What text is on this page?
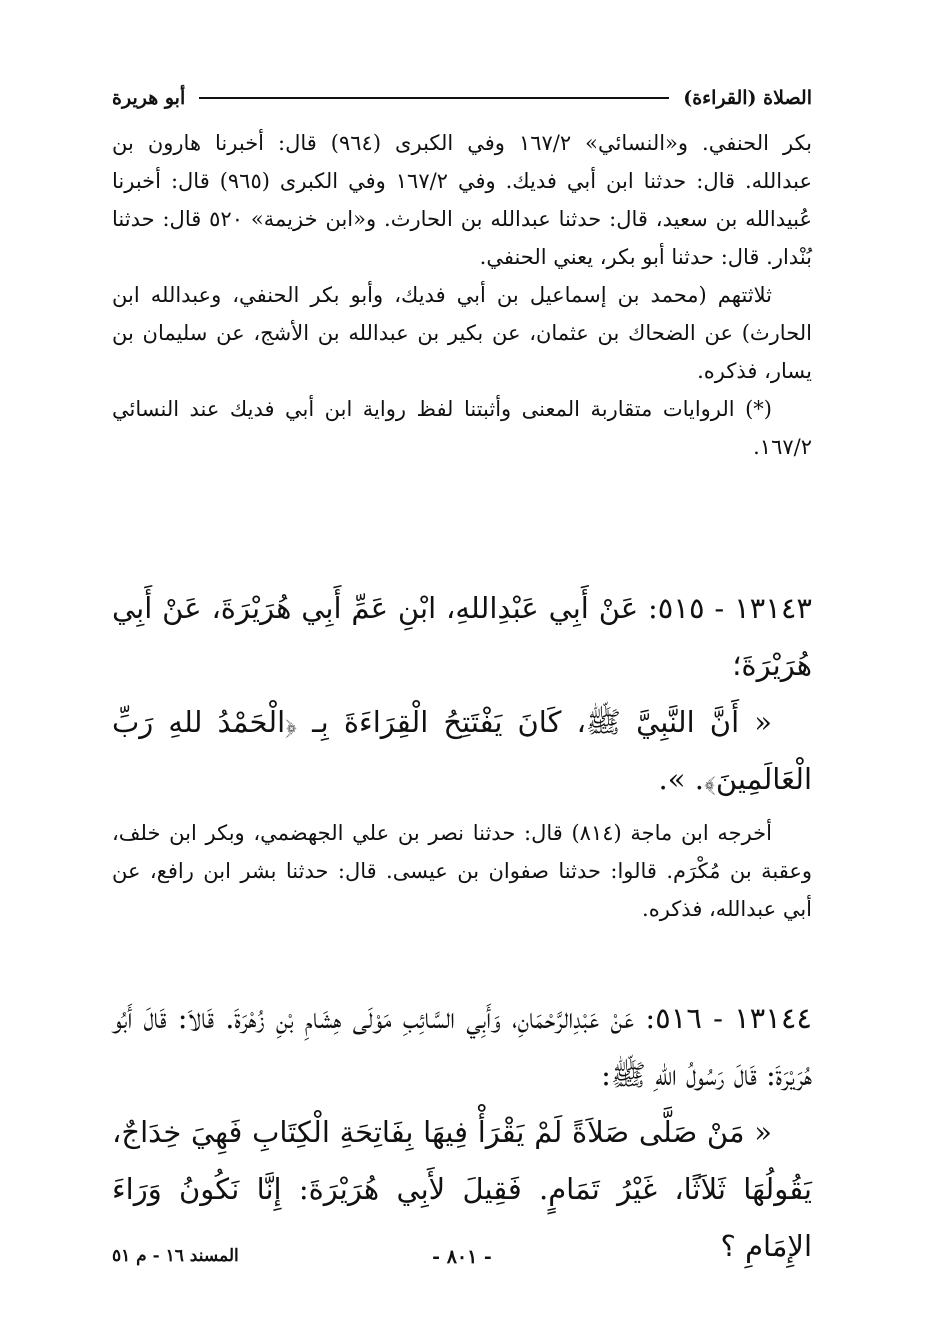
الصلاة (القراءة)
أبو هريرة

بكر الحنفي. و«النسائي» ١٦٧/٢ وفي الكبرى (٩٦٤) قال: أخبرنا هارون بن عبدالله. قال: حدثنا ابن أبي فديك. وفي ١٦٧/٢ وفي الكبرى (٩٦٥) قال: أخبرنا عُبيدالله بن سعيد، قال: حدثنا عبدالله بن الحارث. و«ابن خزيمة» ٥٢٠ قال: حدثنا بُنْدار. قال: حدثنا أبو بكر، يعني الحنفي.

ثلاثتهم (محمد بن إسماعيل بن أبي فديك، وأبو بكر الحنفي، وعبدالله ابن الحارث) عن الضحاك بن عثمان، عن بكير بن عبدالله بن الأشج، عن سليمان بن يسار، فذكره.

(*) الروايات متقاربة المعنى وأثبتنا لفظ رواية ابن أبي فديك عند النسائي ١٦٧/٢.

١٣١٤٣ - ٥١٥: عَنْ أَبِي عَبْدِاللهِ، ابْنِ عَمِّ أَبِي هُرَيْرَةَ، عَنْ أَبِي هُرَيْرَةَ؛

« أَنَّ النَّبِيَّ ﷺ، كَانَ يَفْتَتِحُ الْقِرَاءَةَ بِـ ﴿الْحَمْدُ للهِ رَبِّ الْعَالَمِينَ﴾. ».

أخرجه ابن ماجة (٨١٤) قال: حدثنا نصر بن علي الجهضمي، وبكر ابن خلف، وعقبة بن مُكْرَم. قالوا: حدثنا صفوان بن عيسى. قال: حدثنا بشر ابن رافع، عن أبي عبدالله، فذكره.

١٣١٤٤ - ٥١٦: عَنْ عَبْدِالرَّحْمَانِ، وَأَبِي السَّائِبِ مَوْلَى هِشَامِ بْنِ زُهْرَةَ. قَالاَ: قَالَ أَبُو هُرَيْرَةَ: قَالَ رَسُولُ اللهِ ﷺ:

« مَنْ صَلَّى صَلاَةً لَمْ يَقْرَأْ فِيهَا بِفَاتِحَةِ الْكِتَابِ فَهِيَ خِدَاجٌ، يَقُولُهَا ثَلاَثًا، غَيْرُ تَمَامٍ. فَقِيلَ لأَبِي هُرَيْرَةَ: إِنَّا نَكُونُ وَرَاءَ الإِمَامِ ؟

- ٨٠١ -
المسند ١٦ - م ٥١
